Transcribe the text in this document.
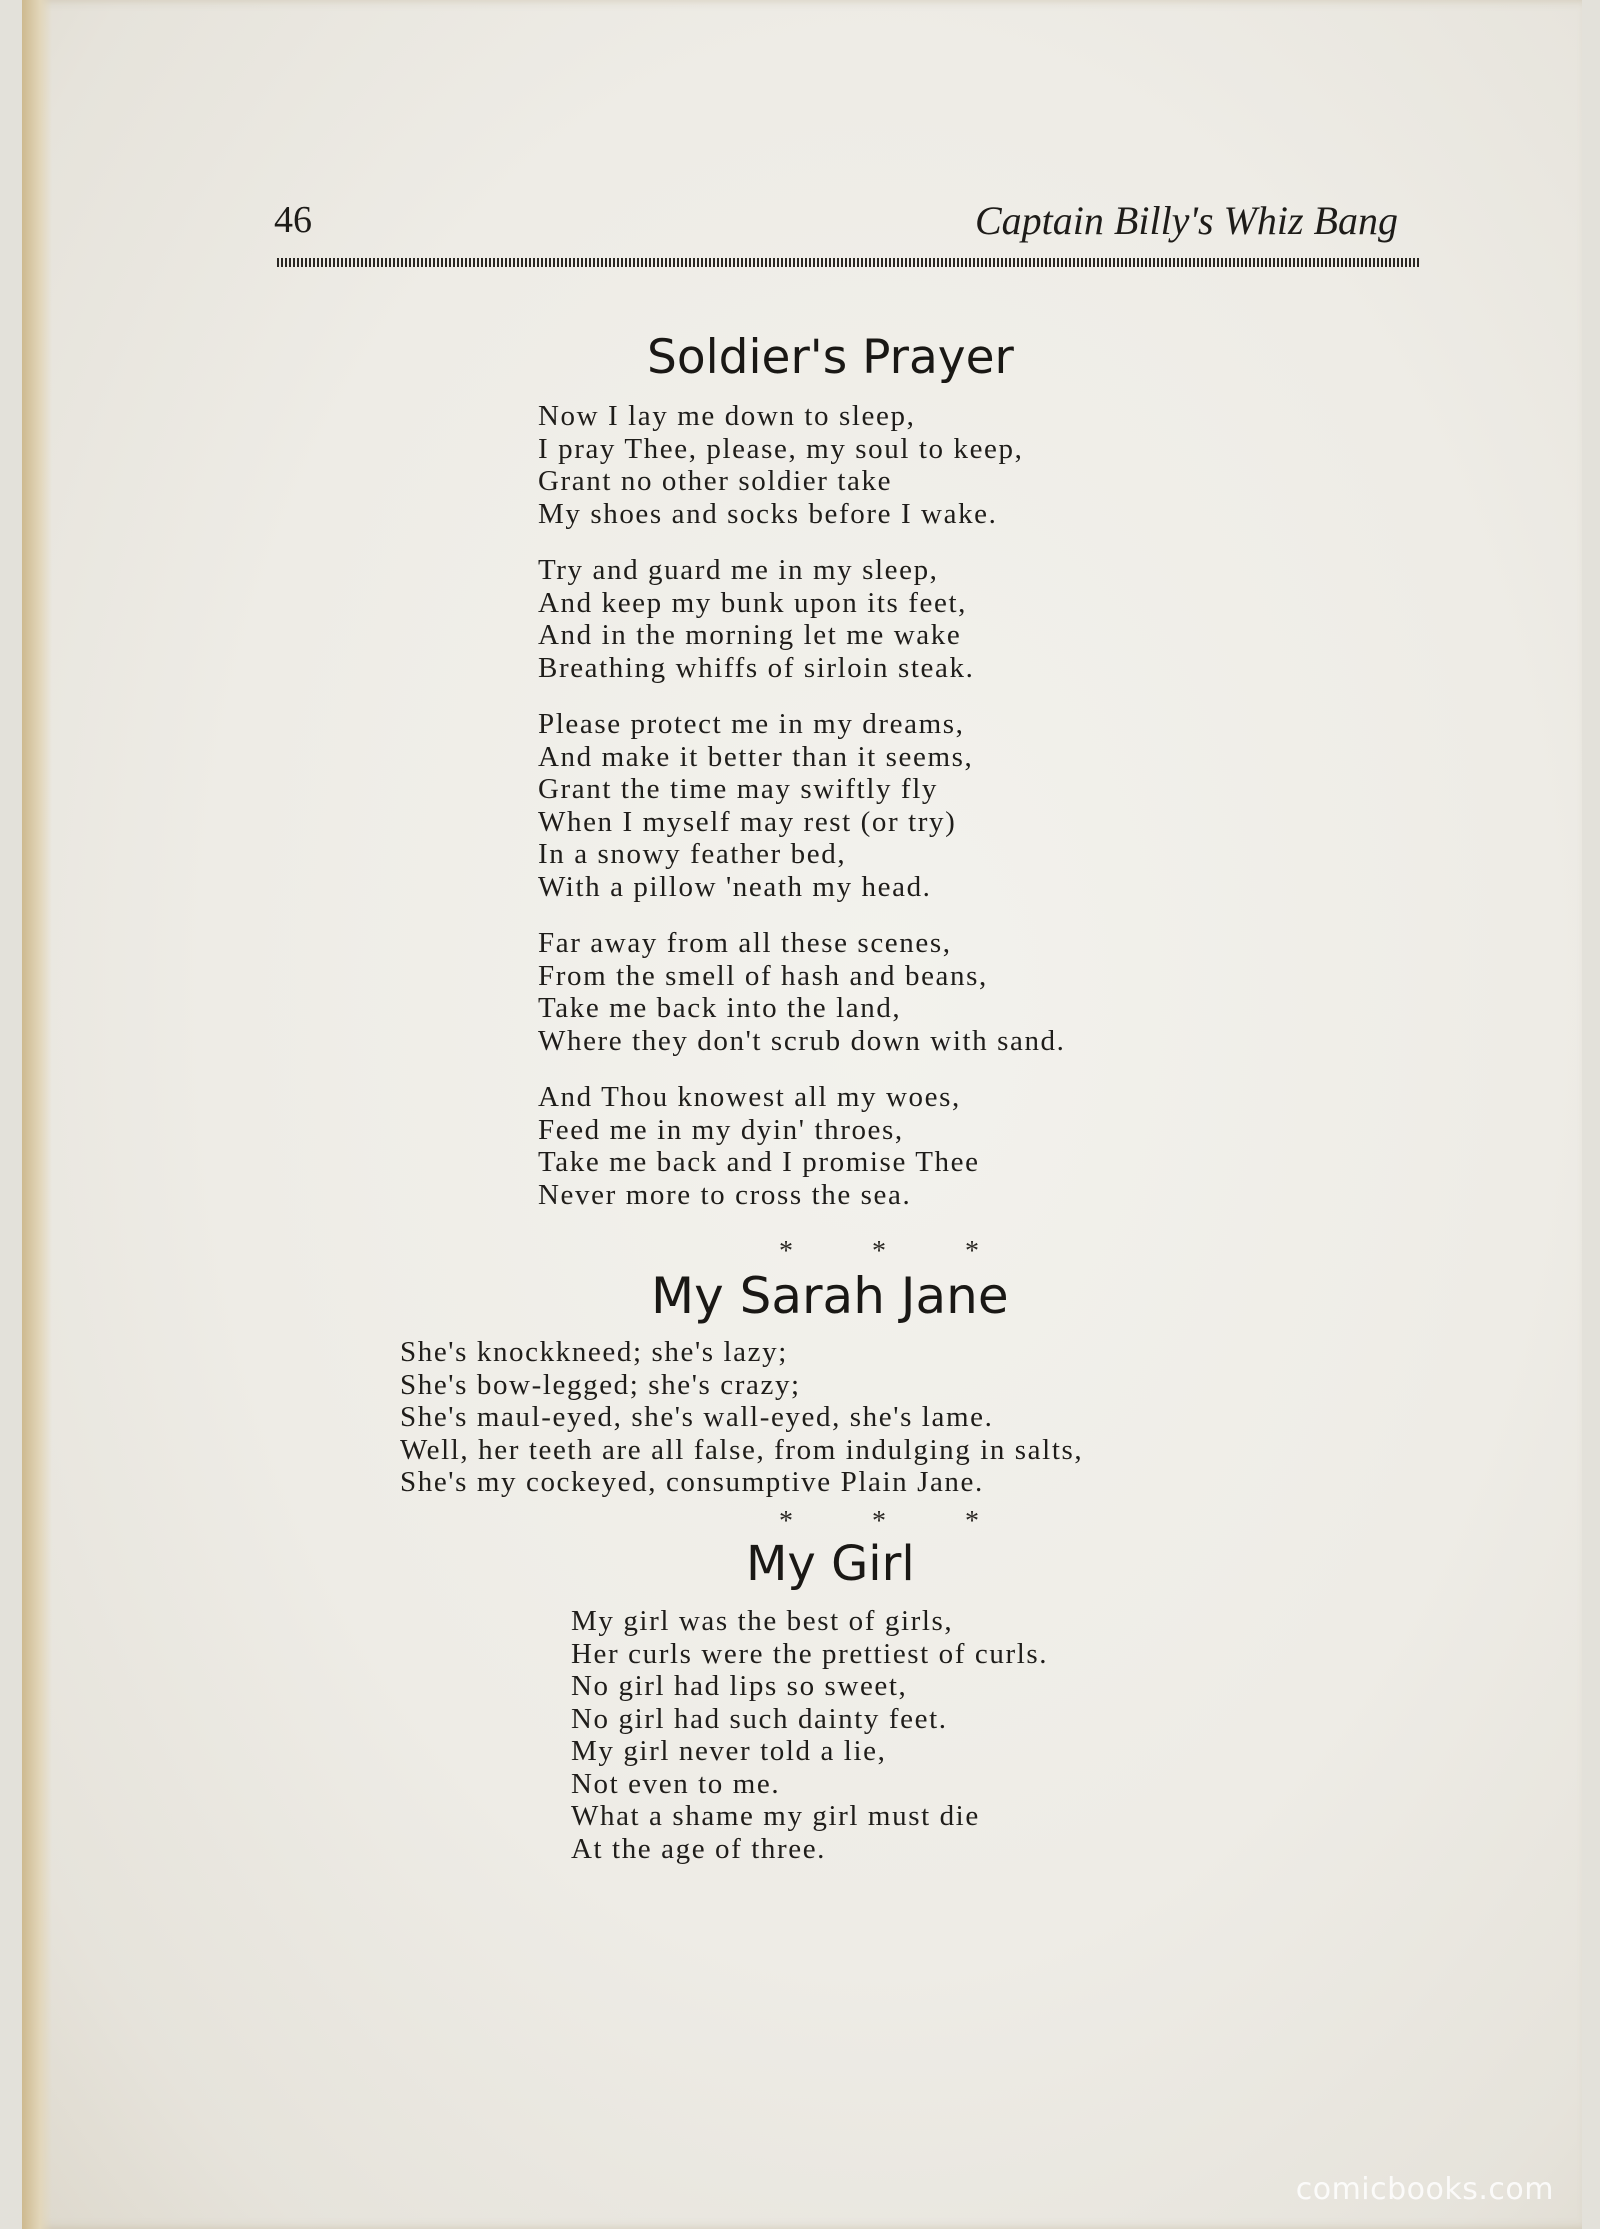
46	Captain Billy's Whiz Bang
Soldier's Prayer
Now I lay me down to sleep,
I pray Thee, please, my soul to keep,
Grant no other soldier take
My shoes and socks before I wake.
Try and guard me in my sleep,
And keep my bunk upon its feet,
And in the morning let me wake
Breathing whiffs of sirloin steak.
Please protect me in my dreams,
And make it better than it seems,
Grant the time may swiftly fly
When I myself may rest (or try)
In a snowy feather bed,
With a pillow 'neath my head.
Far away from all these scenes,
From the smell of hash and beans,
Take me back into the land,
Where they don't scrub down with sand.
And Thou knowest all my woes,
Feed me in my dyin' throes,
Take me back and I promise Thee
Never more to cross the sea.
* * *
My Sarah Jane
She's knockkneed; she's lazy;
She's bow-legged; she's crazy;
She's maul-eyed, she's wall-eyed, she's lame.
Well, her teeth are all false, from indulging in salts,
She's my cockeyed, consumptive Plain Jane.
* * *
My Girl
My girl was the best of girls,
Her curls were the prettiest of curls.
No girl had lips so sweet,
No girl had such dainty feet.
My girl never told a lie,
Not even to me.
What a shame my girl must die
At the age of three.
comicbooks.com
